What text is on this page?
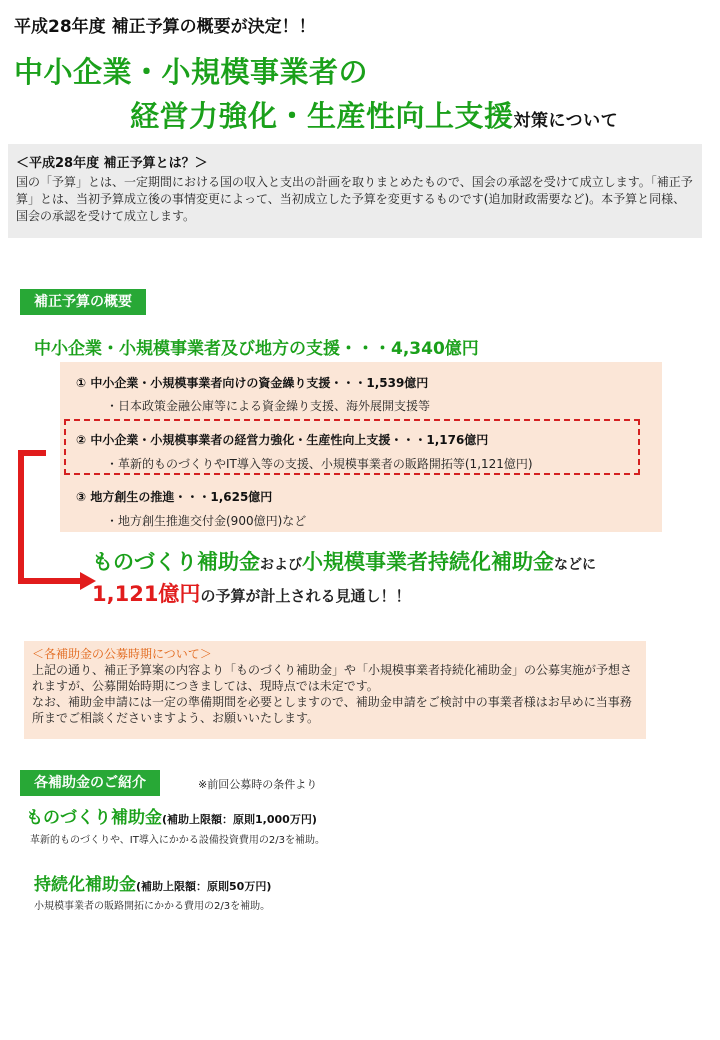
平成28年度 補正予算の概要が決定！！
中小企業・小規模事業者の
経営力強化・生産性向上支援対策について
＜平成28年度 補正予算とは？＞
国の「予算」とは、一定期間における国の収入と支出の計画を取りまとめたもので、国会の承認を受けて成立します。「補正予算」とは、当初予算成立後の事情変更によって、当初成立した予算を変更するものです(追加財政需要など)。本予算と同様、国会の承認を受けて成立します。
補正予算の概要
中小企業・小規模事業者及び地方の支援・・・4,340億円
① 中小企業・小規模事業者向けの資金繰り支援・・・1,539億円
・日本政策金融公庫等による資金繰り支援、海外展開支援等
② 中小企業・小規模事業者の経営力強化・生産性向上支援・・・1,176億円
・革新的ものづくりやIT導入等の支援、小規模事業者の販路開拓等(1,121億円)
③ 地方創生の推進・・・1,625億円
・地方創生推進交付金(900億円)など
ものづくり補助金および小規模事業者持続化補助金などに
1,121億円の予算が計上される見通し！！
＜各補助金の公募時期について＞
上記の通り、補正予算案の内容より「ものづくり補助金」や「小規模事業者持続化補助金」の公募実施が予想されますが、公募開始時期につきましては、現時点では未定です。
なお、補助金申請には一定の準備期間を必要としますので、補助金申請をご検討中の事業者様はお早めに当事務所までご相談くださいますよう、お願いいたします。
各補助金のご紹介	※前回公募時の条件より
ものづくり補助金(補助上限額：原則1,000万円)
革新的ものづくりや、IT導入にかかる設備投資費用の2/3を補助。
持続化補助金(補助上限額：原則50万円)
小規模事業者の販路開拓にかかる費用の2/3を補助。
